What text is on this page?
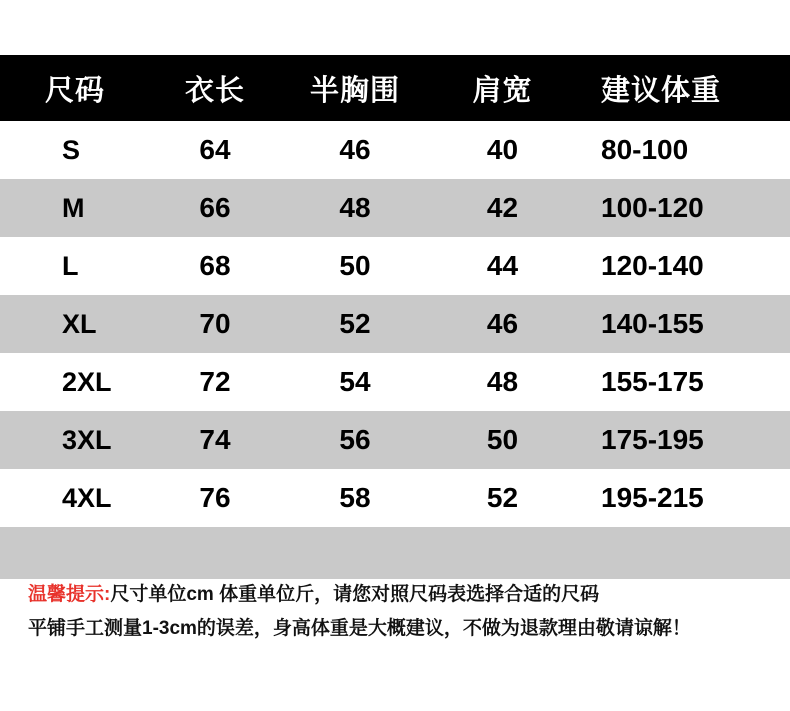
尺码	衣长	半胸围	肩宽	建议体重
S	64	46	40	80-100
M	66	48	42	100-120
L	68	50	44	120-140
XL	70	52	46	140-155
2XL	72	54	48	155-175
3XL	74	56	50	175-195
4XL	76	58	52	195-215

温馨提示:尺寸单位cm 体重单位斤，请您对照尺码表选择合适的尺码
平铺手工测量1-3cm的误差，身高体重是大概建议，不做为退款理由敬请谅解！
